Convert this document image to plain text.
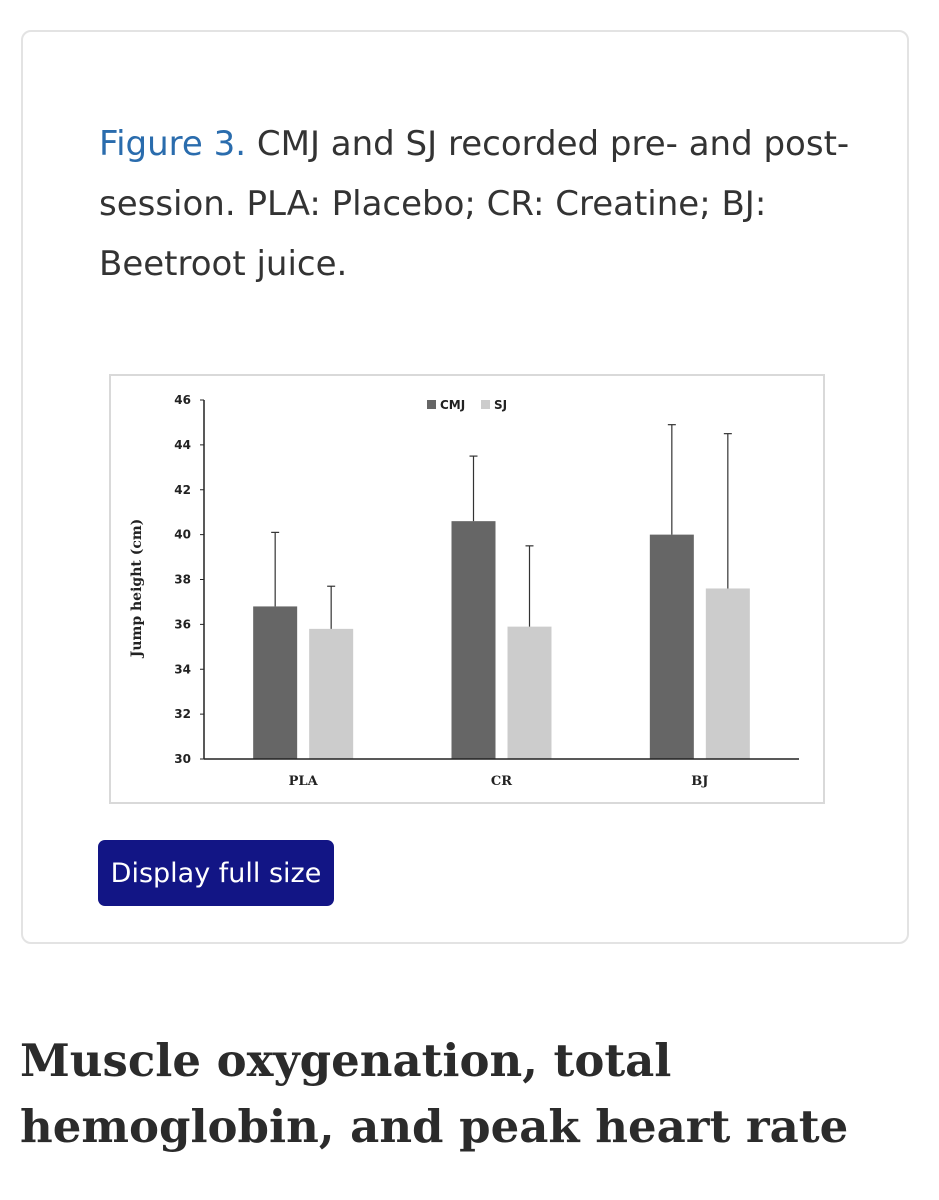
Figure 3. CMJ and SJ recorded pre- and post-session. PLA: Placebo; CR: Creatine; BJ: Beetroot juice.

30
32
34
36
38
40
42
44
46
PLA	CR	BJ
CMJ SJ
Jump height (cm)
Display full size
Muscle oxygenation, total hemoglobin, and peak heart rate
